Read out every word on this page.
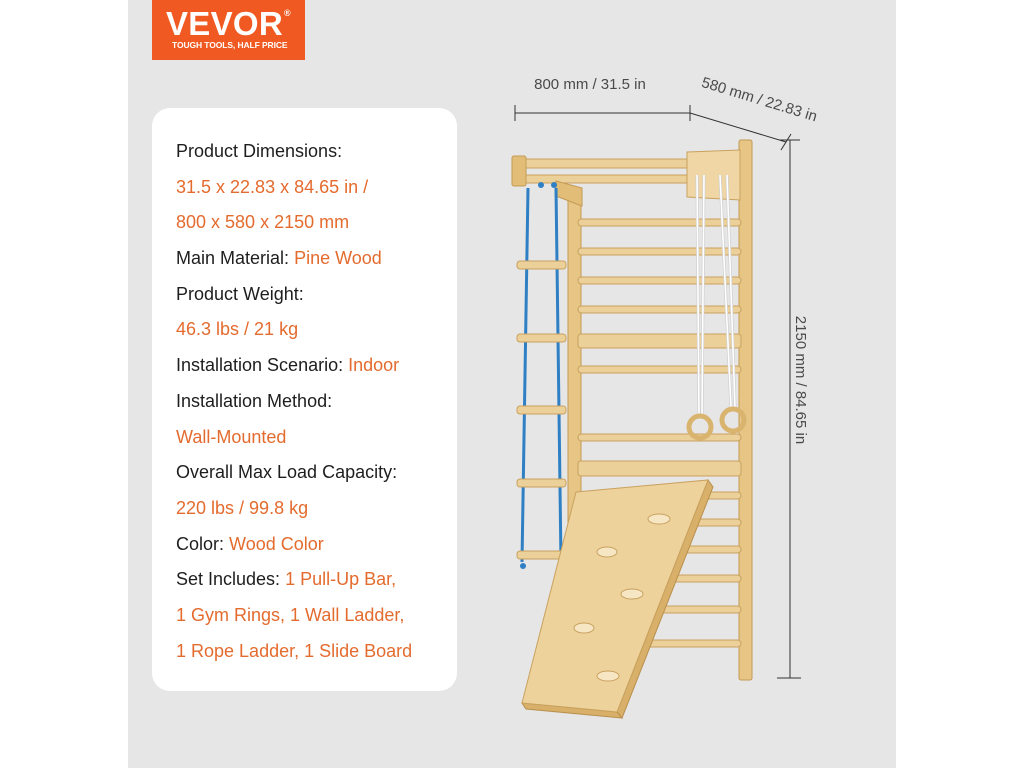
VEVOR®
TOUGH TOOLS, HALF PRICE
Product Dimensions:
31.5 x 22.83 x 84.65 in /
800 x 580 x 2150 mm
Main Material: Pine Wood
Product Weight:
46.3 lbs / 21 kg
Installation Scenario: Indoor
Installation Method:
Wall-Mounted
Overall Max Load Capacity:
220 lbs / 99.8 kg
Color: Wood Color
Set Includes: 1 Pull-Up Bar,
1 Gym Rings, 1 Wall Ladder,
1 Rope Ladder, 1 Slide Board
800 mm / 31.5 in	580 mm / 22.83 in
2150 mm / 84.65 in
